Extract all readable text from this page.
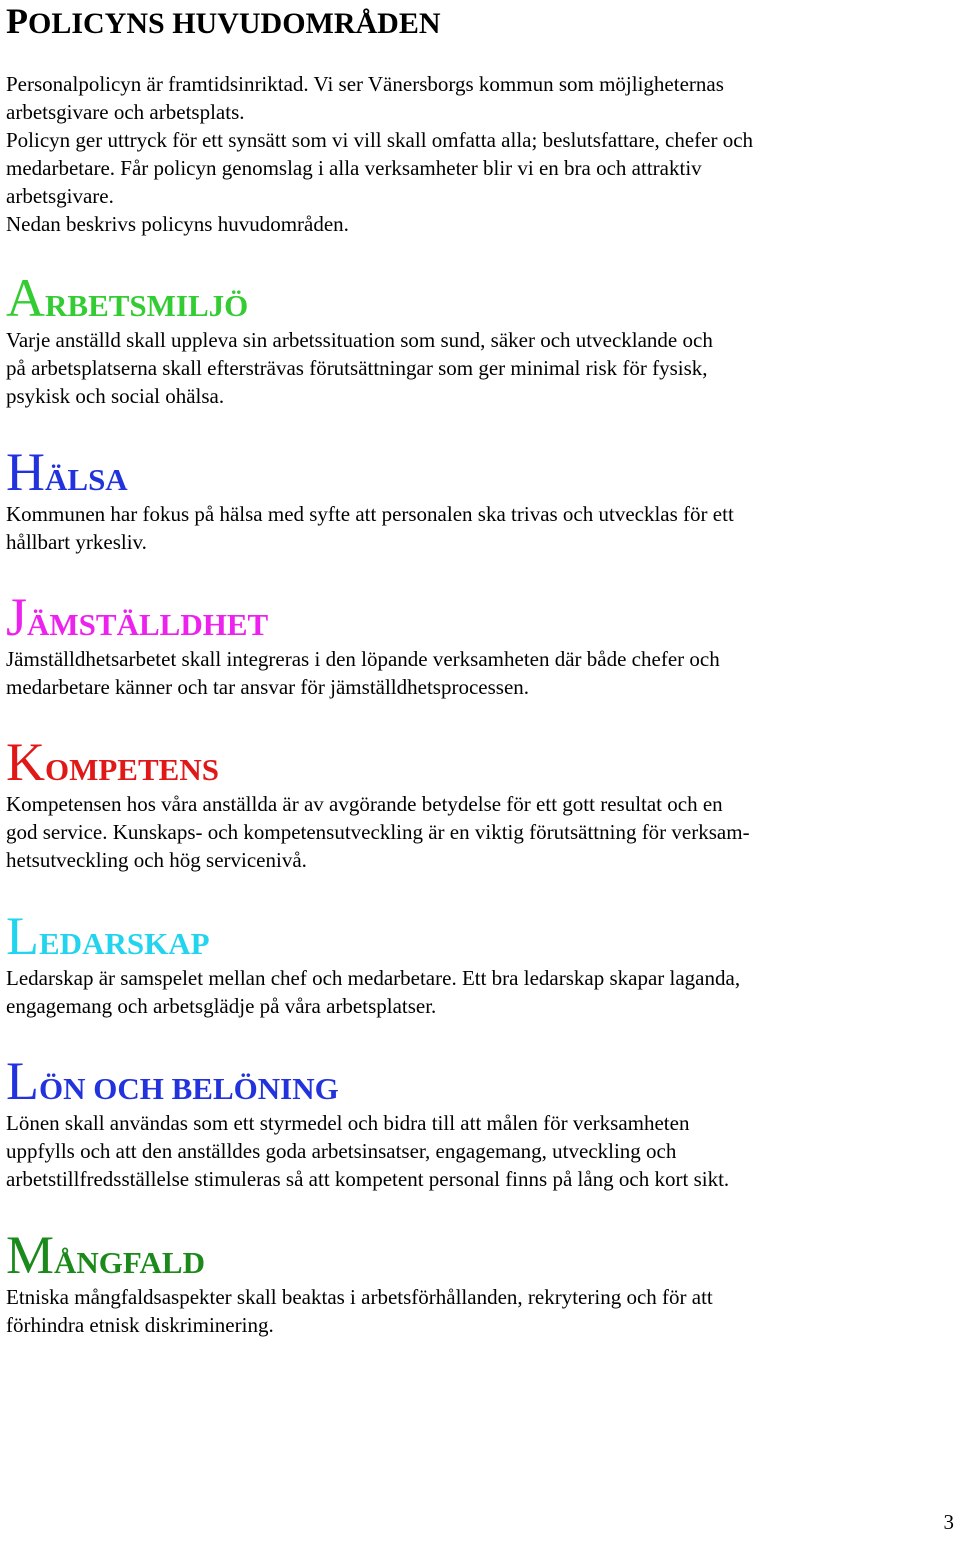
POLICYNS HUVUDOMRÅDEN
Personalpolicyn är framtidsinriktad. Vi ser Vänersborgs kommun som möjligheternas
arbetsgivare och arbetsplats.
Policyn ger uttryck för ett synsätt som vi vill skall omfatta alla; beslutsfattare, chefer och
medarbetare. Får policyn genomslag i alla verksamheter blir vi en bra och attraktiv
arbetsgivare.
Nedan beskrivs policyns huvudområden.
ARBETSMILJÖ
Varje anställd skall uppleva sin arbetssituation som sund, säker och utvecklande och
på arbetsplatserna skall eftersträvas förutsättningar som ger minimal risk för fysisk,
psykisk och social ohälsa.
HÄLSA
Kommunen har fokus på hälsa med syfte att personalen ska trivas och utvecklas för ett
hållbart yrkesliv.
JÄMSTÄLLDHET
Jämställdhetsarbetet skall integreras i den löpande verksamheten där både chefer och
medarbetare känner och tar ansvar för jämställdhetsprocessen.
KOMPETENS
Kompetensen hos våra anställda är av avgörande betydelse för ett gott resultat och en
god service. Kunskaps- och kompetensutveckling är en viktig förutsättning för verksam-
hetsutveckling och hög servicenivå.
LEDARSKAP
Ledarskap är samspelet mellan chef och medarbetare. Ett bra ledarskap skapar laganda,
engagemang och arbetsglädje på våra arbetsplatser.
LÖN OCH BELÖNING
Lönen skall användas som ett styrmedel och bidra till att målen för verksamheten
uppfylls och att den anställdes goda arbetsinsatser, engagemang, utveckling och
arbetstillfredsställelse stimuleras så att kompetent personal finns på lång och kort sikt.
MÅNGFALD
Etniska mångfaldsaspekter skall beaktas i arbetsförhållanden, rekrytering och för att
förhindra etnisk diskriminering.
3
